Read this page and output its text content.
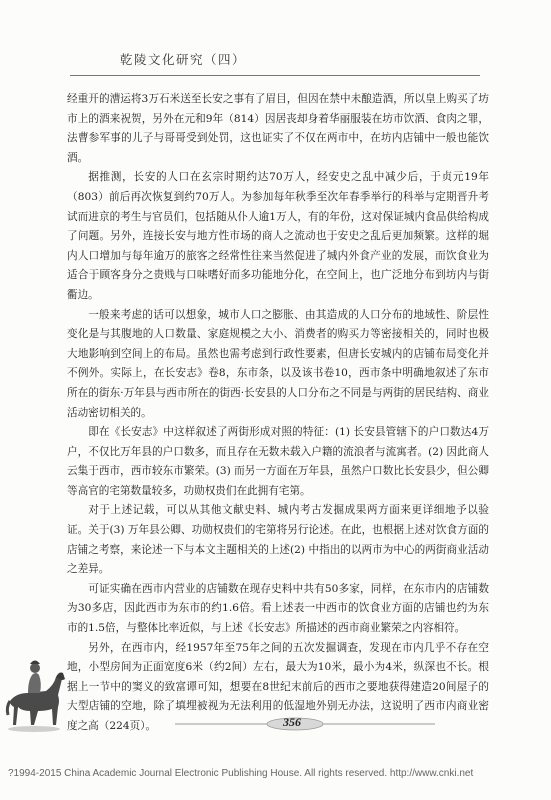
乾陵文化研究（四）

经重开的漕运将3万石米送至长安之事有了眉目，但因在禁中未酿造酒，所以皇上购买了坊市上的酒来祝贺，另外在元和9年（814）因居丧却身着华丽服装在坊市饮酒、食肉之罪，法曹参军事的儿子与哥哥受到处罚，这也证实了不仅在两市中，在坊内店铺中一般也能饮酒。

据推测，长安的人口在玄宗时期约达70万人，经安史之乱中减少后，于贞元19年（803）前后再次恢复到约70万人。为参加每年秋季至次年春季举行的科举与定期晋升考试而进京的考生与官员们，包括随从仆人逾1万人，有的年份，这对保证城内食品供给构成了问题。另外，连接长安与地方性市场的商人之流动也于安史之乱后更加频繁。这样的堀内人口增加与每年逾万的旅客之经常性往来当然促进了城内外食产业的发展，而饮食业为适合于顾客身分之贵贱与口味嗜好而多功能地分化，在空间上，也广泛地分布到坊内与街衢边。

一般来考虑的话可以想象，城市人口之膨胀、由其造成的人口分布的地域性、阶层性变化是与其腹地的人口数量、家庭规模之大小、消费者的购买力等密接相关的，同时也极大地影响到空间上的布局。虽然也需考虑到行政性要素，但唐长安城内的店铺布局变化并不例外。实际上，在长安志》卷8，东市条，以及该书卷10，西市条中明确地叙述了东市所在的街东·万年县与西市所在的街西·长安县的人口分布之不同是与两街的居民结构、商业活动密切相关的。

即在《长安志》中这样叙述了两街形成对照的特征：(1) 长安县管辖下的户口数达4万户，不仅比万年县的户口数多，而且存在无数未载入户籍的流浪者与流寓者。(2) 因此商人云集于西市，西市较东市繁荣。(3) 而另一方面在万年县，虽然户口数比长安县少，但公卿等高官的宅第数量较多，功勋权贵们在此拥有宅第。

对于上述记载，可以从其他文献史料、城内考古发掘成果两方面来更详细地予以验证。关于(3) 万年县公卿、功勋权贵们的宅第将另行论述。在此，也根据上述对饮食方面的店铺之考察，来论述一下与本文主题相关的上述(2) 中指出的以两市为中心的两街商业活动之差异。

可证实确在西市内营业的店铺数在现存史料中共有50多家，同样，在东市内的店铺数为30多店，因此西市为东市的约1.6倍。看上述表一中西市的饮食业方面的店铺也约为东市的1.5倍，与整体比率近似，与上述《长安志》所描述的西市商业繁荣之内容相符。

另外，在西市内，经1957年至75年之间的五次发掘调查，发现在市内几乎不存在空地，小型房间为正面宽度6米（约2间）左右，最大为10米，最小为4米，纵深也不长。根据上一节中的窦义的致富谭可知，想要在8世纪末前后的西市之要地获得建造20间屋子的大型店铺的空地，除了填埋被视为无法利用的低湿地外别无办法，这说明了西市内商业密度之高（224页）。	356
?1994-2015 China Academic Journal Electronic Publishing House. All rights reserved. http://www.cnki.net
